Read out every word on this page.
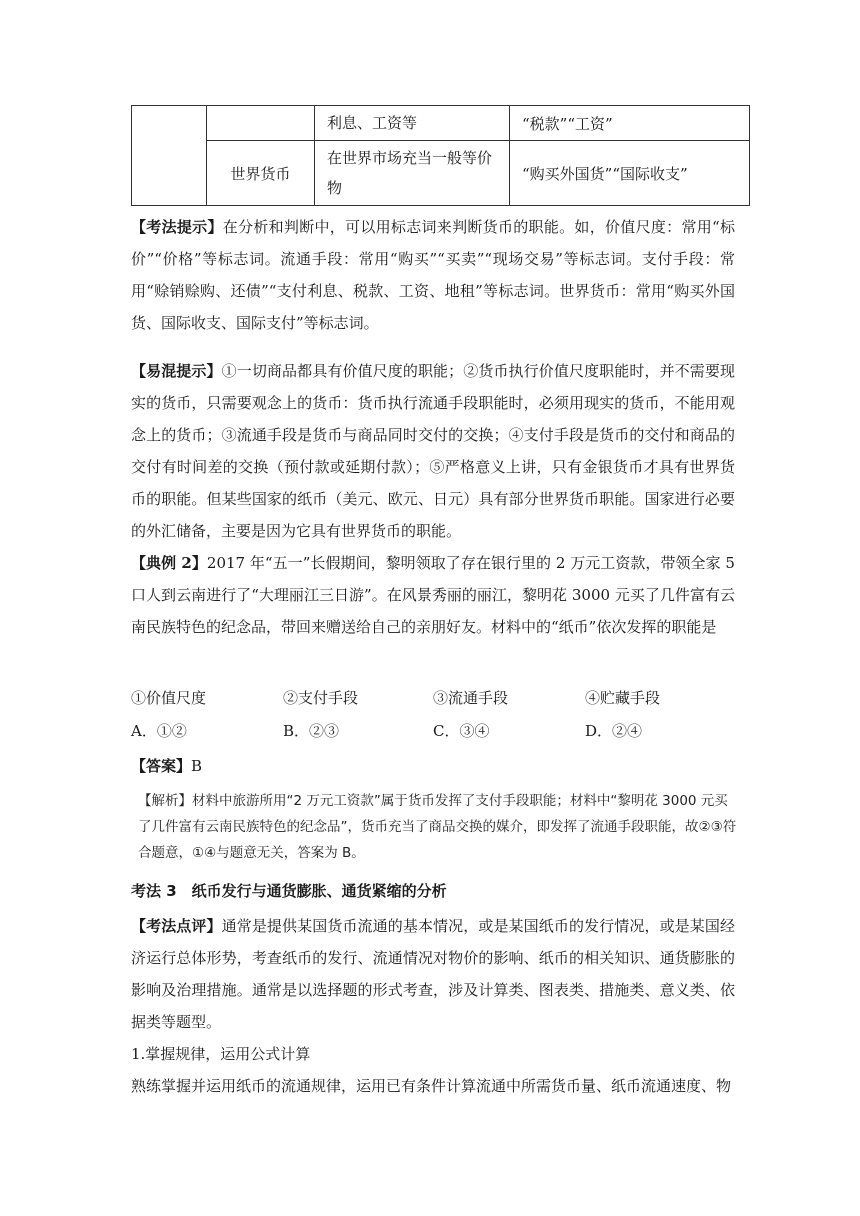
		利息、工资等	“税款”“工资”
	世界货币	在世界市场充当一般等价物	“购买外国货”“国际收支”

【考法提示】在分析和判断中，可以用标志词来判断货币的职能。如，价值尺度：常用“标价”“价格”等标志词。流通手段：常用“购买”“买卖”“现场交易”等标志词。支付手段：常用“赊销赊购、还债”“支付利息、税款、工资、地租”等标志词。世界货币：常用“购买外国货、国际收支、国际支付”等标志词。

【易混提示】①一切商品都具有价值尺度的职能；②货币执行价值尺度职能时，并不需要现实的货币，只需要观念上的货币：货币执行流通手段职能时，必须用现实的货币，不能用观念上的货币；③流通手段是货币与商品同时交付的交换；④支付手段是货币的交付和商品的交付有时间差的交换（预付款或延期付款）；⑤严格意义上讲，只有金银货币才具有世界货币的职能。但某些国家的纸币（美元、欧元、日元）具有部分世界货币职能。国家进行必要的外汇储备，主要是因为它具有世界货币的职能。

【典例 2】2017 年“五一”长假期间，黎明领取了存在银行里的 2 万元工资款，带领全家 5 口人到云南进行了“大理丽江三日游”。在风景秀丽的丽江，黎明花 3000 元买了几件富有云南民族特色的纪念品，带回来赠送给自己的亲朋好友。材料中的“纸币”依次发挥的职能是

①价值尺度	②支付手段	③流通手段	④贮藏手段
A．①②	B．②③	C．③④	D．②④
【答案】B

【解析】材料中旅游所用“2 万元工资款”属于货币发挥了支付手段职能；材料中“黎明花 3000 元买了几件富有云南民族特色的纪念品”，货币充当了商品交换的媒介，即发挥了流通手段职能，故②③符合题意，①④与题意无关，答案为 B。

考法 3　纸币发行与通货膨胀、通货紧缩的分析

【考法点评】通常是提供某国货币流通的基本情况，或是某国纸币的发行情况，或是某国经济运行总体形势，考查纸币的发行、流通情况对物价的影响、纸币的相关知识、通货膨胀的影响及治理措施。通常是以选择题的形式考查，涉及计算类、图表类、措施类、意义类、依据类等题型。

1.掌握规律，运用公式计算

熟练掌握并运用纸币的流通规律，运用已有条件计算流通中所需货币量、纸币流通速度、物
